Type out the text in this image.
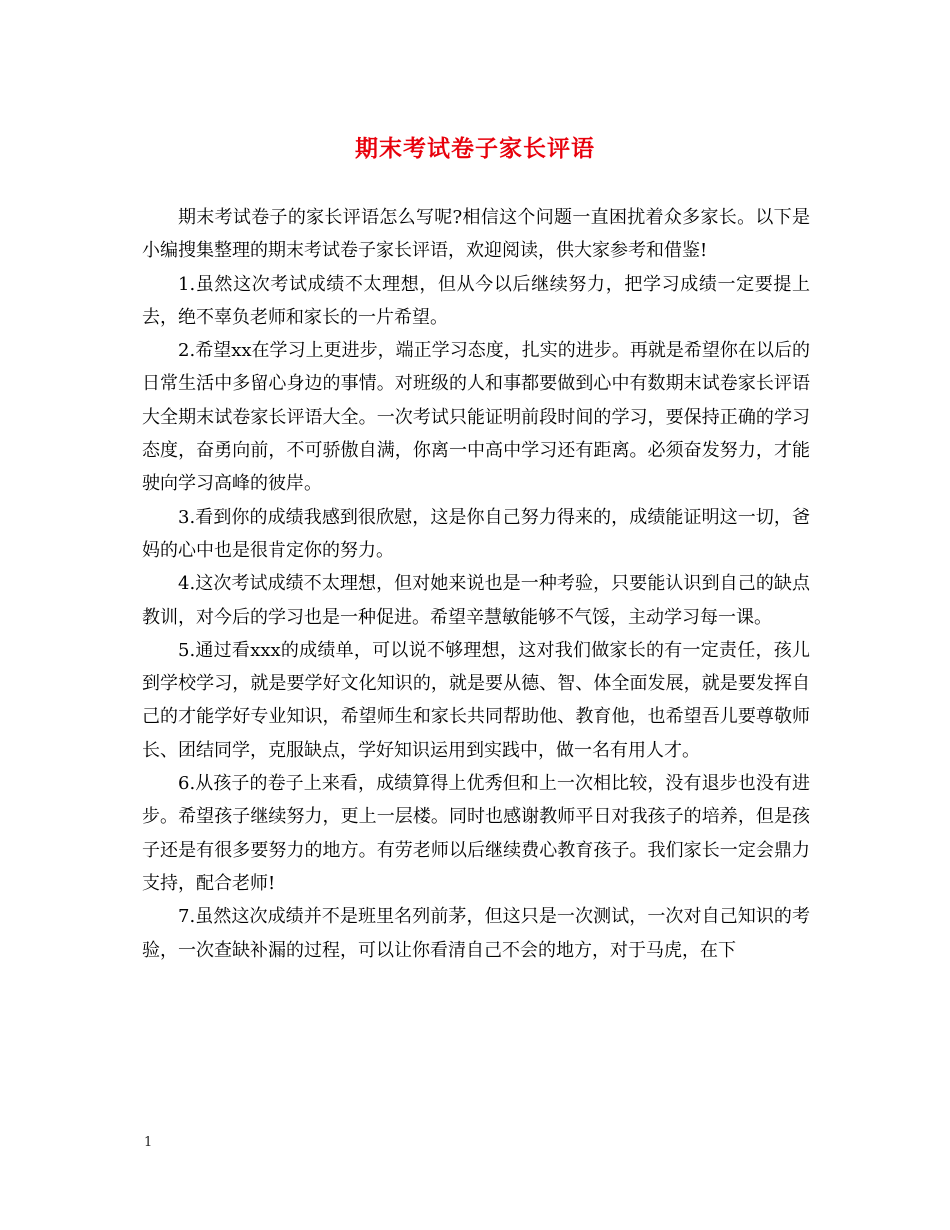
期末考试卷子家长评语

期末考试卷子的家长评语怎么写呢?相信这个问题一直困扰着众多家长。以下是小编搜集整理的期末考试卷子家长评语，欢迎阅读，供大家参考和借鉴!

1.虽然这次考试成绩不太理想，但从今以后继续努力，把学习成绩一定要提上去，绝不辜负老师和家长的一片希望。

2.希望xx在学习上更进步，端正学习态度，扎实的进步。再就是希望你在以后的日常生活中多留心身边的事情。对班级的人和事都要做到心中有数期末试卷家长评语大全期末试卷家长评语大全。一次考试只能证明前段时间的学习，要保持正确的学习态度，奋勇向前，不可骄傲自满，你离一中高中学习还有距离。必须奋发努力，才能驶向学习高峰的彼岸。

3.看到你的成绩我感到很欣慰，这是你自己努力得来的，成绩能证明这一切，爸妈的心中也是很肯定你的努力。

4.这次考试成绩不太理想，但对她来说也是一种考验，只要能认识到自己的缺点教训，对今后的学习也是一种促进。希望辛慧敏能够不气馁，主动学习每一课。

5.通过看xxx的成绩单，可以说不够理想，这对我们做家长的有一定责任，孩儿到学校学习，就是要学好文化知识的，就是要从德、智、体全面发展，就是要发挥自己的才能学好专业知识，希望师生和家长共同帮助他、教育他，也希望吾儿要尊敬师长、团结同学，克服缺点，学好知识运用到实践中，做一名有用人才。

6.从孩子的卷子上来看，成绩算得上优秀但和上一次相比较，没有退步也没有进步。希望孩子继续努力，更上一层楼。同时也感谢教师平日对我孩子的培养，但是孩子还是有很多要努力的地方。有劳老师以后继续费心教育孩子。我们家长一定会鼎力支持，配合老师!

7.虽然这次成绩并不是班里名列前茅，但这只是一次测试，一次对自己知识的考验，一次查缺补漏的过程，可以让你看清自己不会的地方，对于马虎，在下

1
